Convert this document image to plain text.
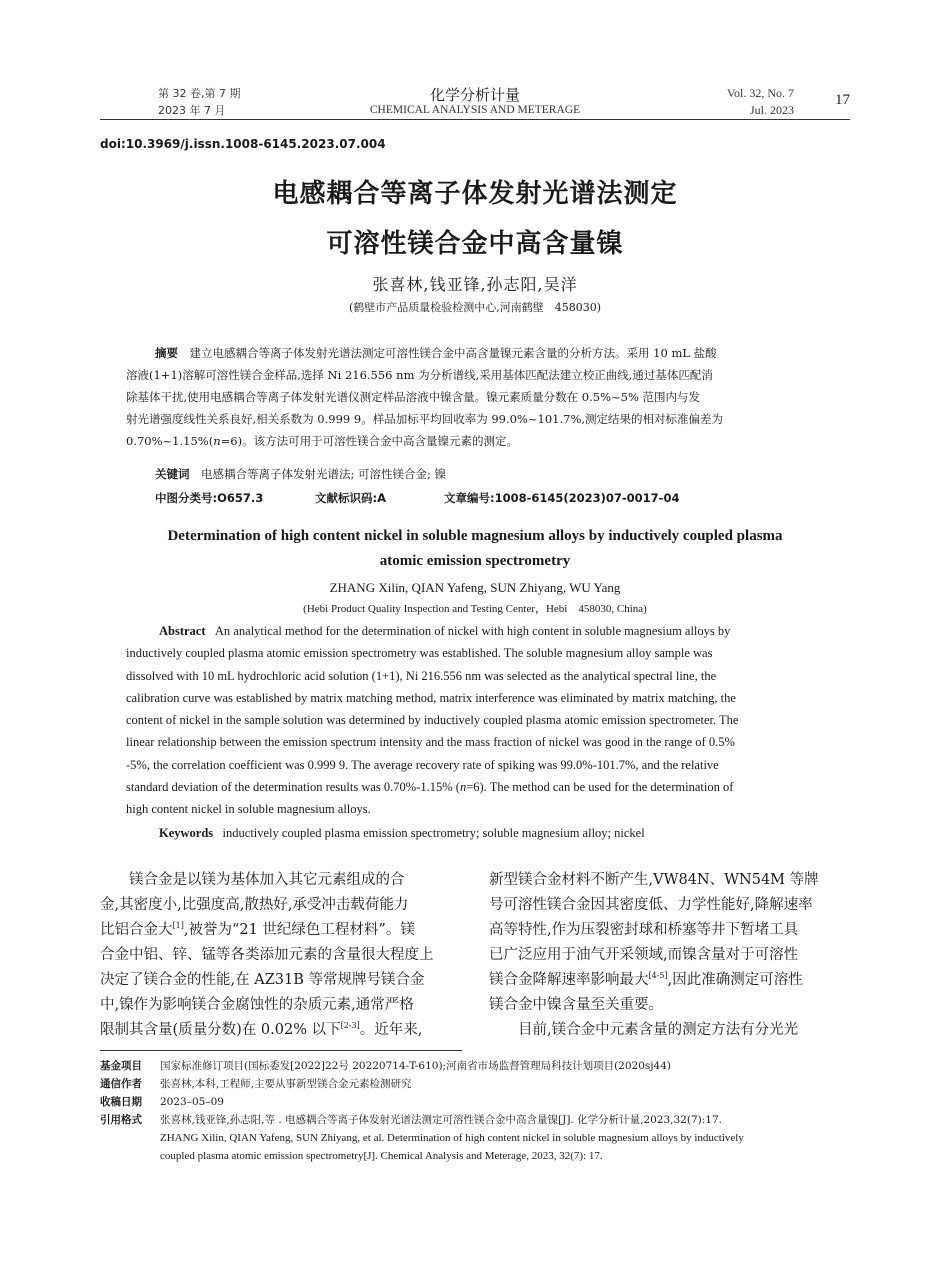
第 32 卷,第 7 期
2023 年 7 月
化学分析计量
CHEMICAL ANALYSIS AND METERAGE
Vol. 32, No. 7
Jul. 2023
17
doi:10.3969/j.issn.1008-6145.2023.07.004
电感耦合等离子体发射光谱法测定
可溶性镁合金中高含量镍
张喜林,钱亚锋,孙志阳,吴洋
(鹤壁市产品质量检验检测中心,河南鹤壁　458030)
摘要　 建立电感耦合等离子体发射光谱法测定可溶性镁合金中高含量镍元素含量的分析方法。采用 10 mL 盐酸
溶液(1+1)溶解可溶性镁合金样品,选择 Ni 216.556 nm 为分析谱线,采用基体匹配法建立校正曲线,通过基体匹配消
除基体干扰,使用电感耦合等离子体发射光谱仪测定样品溶液中镍含量。镍元素质量分数在 0.5%~5% 范围内与发
射光谱强度线性关系良好,相关系数为 0.999 9。样品加标平均回收率为 99.0%~101.7%,测定结果的相对标准偏差为
0.70%~1.15%(n=6)。该方法可用于可溶性镁合金中高含量镍元素的测定。
关键词　 电感耦合等离子体发射光谱法; 可溶性镁合金; 镍
中图分类号:O657.3	文献标识码:A	文章编号:1008-6145(2023)07-0017-04
Determination of high content nickel in soluble magnesium alloys by inductively coupled plasma
atomic emission spectrometry
ZHANG Xilin, QIAN Yafeng, SUN Zhiyang, WU Yang
(Hebi Product Quality Inspection and Testing Center，Hebi　458030, China)
Abstract An analytical method for the determination of nickel with high content in soluble magnesium alloys by
inductively coupled plasma atomic emission spectrometry was established. The soluble magnesium alloy sample was
dissolved with 10 mL hydrochloric acid solution (1+1), Ni 216.556 nm was selected as the analytical spectral line, the
calibration curve was established by matrix matching method, matrix interference was eliminated by matrix matching, the
content of nickel in the sample solution was determined by inductively coupled plasma atomic emission spectrometer. The
linear relationship between the emission spectrum intensity and the mass fraction of nickel was good in the range of 0.5%
-5%, the correlation coefficient was 0.999 9. The average recovery rate of spiking was 99.0%-101.7%, and the relative
standard deviation of the determination results was 0.70%-1.15% (n=6). The method can be used for the determination of
high content nickel in soluble magnesium alloys.
Keywords inductively coupled plasma emission spectrometry; soluble magnesium alloy; nickel
镁合金是以镁为基体加入其它元素组成的合
金,其密度小,比强度高,散热好,承受冲击载荷能力
比铝合金大[1],被誉为“21 世纪绿色工程材料”。镁
合金中铝、锌、锰等各类添加元素的含量很大程度上
决定了镁合金的性能,在 AZ31B 等常规牌号镁合金
中,镍作为影响镁合金腐蚀性的杂质元素,通常严格
限制其含量(质量分数)在 0.02% 以下[2-3]。近年来,
新型镁合金材料不断产生,VW84N、WN54M 等牌
号可溶性镁合金因其密度低、力学性能好,降解速率
高等特性,作为压裂密封球和桥塞等井下暂堵工具
已广泛应用于油气开采领域,而镍含量对于可溶性
镁合金降解速率影响最大[4-5],因此准确测定可溶性
镁合金中镍含量至关重要。
目前,镁合金中元素含量的测定方法有分光光
基金项目 国家标准修订项目(国标委发[2022]22号 20220714-T-610);河南省市场监督管理局科技计划项目(2020sj44)
通信作者 张喜林,本科,工程师,主要从事新型镁合金元素检测研究
收稿日期 2023–05–09
引用格式 张喜林,钱亚锋,孙志阳,等 . 电感耦合等离子体发射光谱法测定可溶性镁合金中高含量镍[J]. 化学分析计量,2023,32(7):17.
ZHANG Xilin, QIAN Yafeng, SUN Zhiyang, et al. Determination of high content nickel in soluble magnesium alloys by inductively
coupled plasma atomic emission spectrometry[J]. Chemical Analysis and Meterage, 2023, 32(7): 17.
